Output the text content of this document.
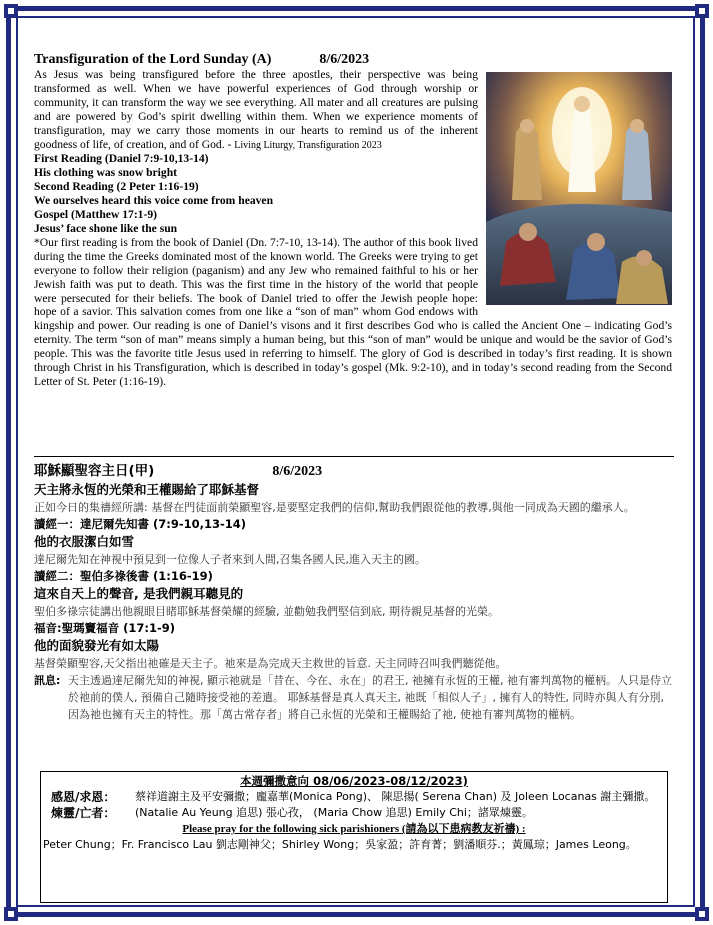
Transfiguration of the Lord Sunday (A)	8/6/2023

As Jesus was being transfigured before the three apostles, their perspective was being transformed as well. When we have powerful experiences of God through worship or community, it can transform the way we see everything. All mater and all creatures are pulsing and are powered by God’s spirit dwelling within them. When we experience moments of transfiguration, may we carry those moments in our hearts to remind us of the inherent goodness of life, of creation, and of God. - Living Liturgy, Transfiguration 2023
First Reading (Daniel 7:9-10,13-14)
His clothing was snow bright
Second Reading (2 Peter 1:16-19)
We ourselves heard this voice come from heaven
Gospel (Matthew 17:1-9)
Jesus’ face shone like the sun
*Our first reading is from the book of Daniel (Dn. 7:7-10, 13-14). The author of this book lived during the time the Greeks dominated most of the known world. The Greeks were trying to get everyone to follow their religion (paganism) and any Jew who remained faithful to his or her Jewish faith was put to death. This was the first time in the history of the world that people were persecuted for their beliefs. The book of Daniel tried to offer the Jewish people hope: hope of a savior. This salvation comes from one like a “son of man” whom God endows with kingship and power. Our reading is one of Daniel’s visons and it first describes God who is called the Ancient One – indicating God’s eternity. The term “son of man” means simply a human being, but this “son of man” would be unique and would be the savior of God’s people. This was the favorite title Jesus used in referring to himself. The glory of God is described in today’s first reading. It is shown through Christ in his Transfiguration, which is described in today’s gospel (Mk. 9:2-10), and in today’s second reading from the Second Letter of St. Peter (1:16-19).
耶穌顯聖容主日(甲)	8/6/2023
天主將永恆的光榮和王權賜給了耶穌基督
正如今日的集禱經所講: 基督在門徒面前榮顯聖容,是要堅定我們的信仰,幫助我們跟從他的教導,與他一同成為天國的繼承人。
讀經一：達尼爾先知書 (7:9-10,13-14)
他的衣服潔白如雪
達尼爾先知在神視中預見到一位像人子者來到人間,召集各國人民,進入天主的國。
讀經二：聖伯多祿後書 (1:16-19)
這來自天上的聲音, 是我們親耳聽見的
聖伯多祿宗徒講出他親眼目睹耶穌基督榮耀的經驗, 並勸勉我們堅信到底, 期待親見基督的光榮。
福音:聖瑪竇福音 (17:1-9)
他的面貌發光有如太陽
基督榮顯聖容,天父指出祂確是天主子。祂來是為完成天主救世的旨意. 天主同時召叫我們聽從他。
訊息: 天主透過達尼爾先知的神視, 顯示祂就是「昔在、今在、永在」的君王, 祂擁有永恆的王權, 祂有審判萬物的權柄。人只是侍立於祂前的僕人, 預備自己隨時接受祂的差遣。 耶穌基督是真人真天主, 祂既「相似人子」, 擁有人的特性, 同時亦與人有分別, 因為祂也擁有天主的特性。那「萬古常存者」將自己永恆的光榮和王權賜給了祂, 使祂有審判萬物的權柄。
本週彌撒意向 08/06/2023-08/12/2023)
感恩/求恩：	蔡祥道謝主及平安彌撒；龐嘉華(Monica Pong)、 陳思揚( Serena Chan) 及 Joleen Locanas 謝主彌撒。
煉靈/亡者：	(Natalie Au Yeung 追思) 張心孜， (Maria Chow 追思) Emily Chi；諸眾煉靈。
Please pray for the following sick parishioners (請為以下患病教友祈禱) :
Peter Chung；Fr. Francisco Lau 劉志剛神父；Shirley Wong；吳家盈；許育菁；劉潘順芬.；黃鳳琼；James Leong。
